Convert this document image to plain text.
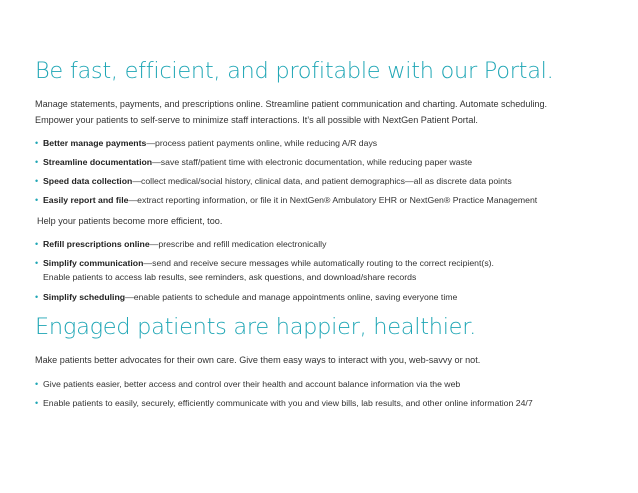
Be fast, efficient, and profitable with our Portal.
Manage statements, payments, and prescriptions online. Streamline patient communication and charting. Automate scheduling.
Empower your patients to self-serve to minimize staff interactions. It’s all possible with NextGen Patient Portal.
• Better manage payments—process patient payments online, while reducing A/R days
• Streamline documentation—save staff/patient time with electronic documentation, while reducing paper waste
• Speed data collection—collect medical/social history, clinical data, and patient demographics—all as discrete data points
• Easily report and file—extract reporting information, or file it in NextGen® Ambulatory EHR or NextGen® Practice Management
Help your patients become more efficient, too.
• Refill prescriptions online—prescribe and refill medication electronically
• Simplify communication—send and receive secure messages while automatically routing to the correct recipient(s).
Enable patients to access lab results, see reminders, ask questions, and download/share records
• Simplify scheduling—enable patients to schedule and manage appointments online, saving everyone time
Engaged patients are happier, healthier.
Make patients better advocates for their own care. Give them easy ways to interact with you, web-savvy or not.
• Give patients easier, better access and control over their health and account balance information via the web
• Enable patients to easily, securely, efficiently communicate with you and view bills, lab results, and other online information 24/7
